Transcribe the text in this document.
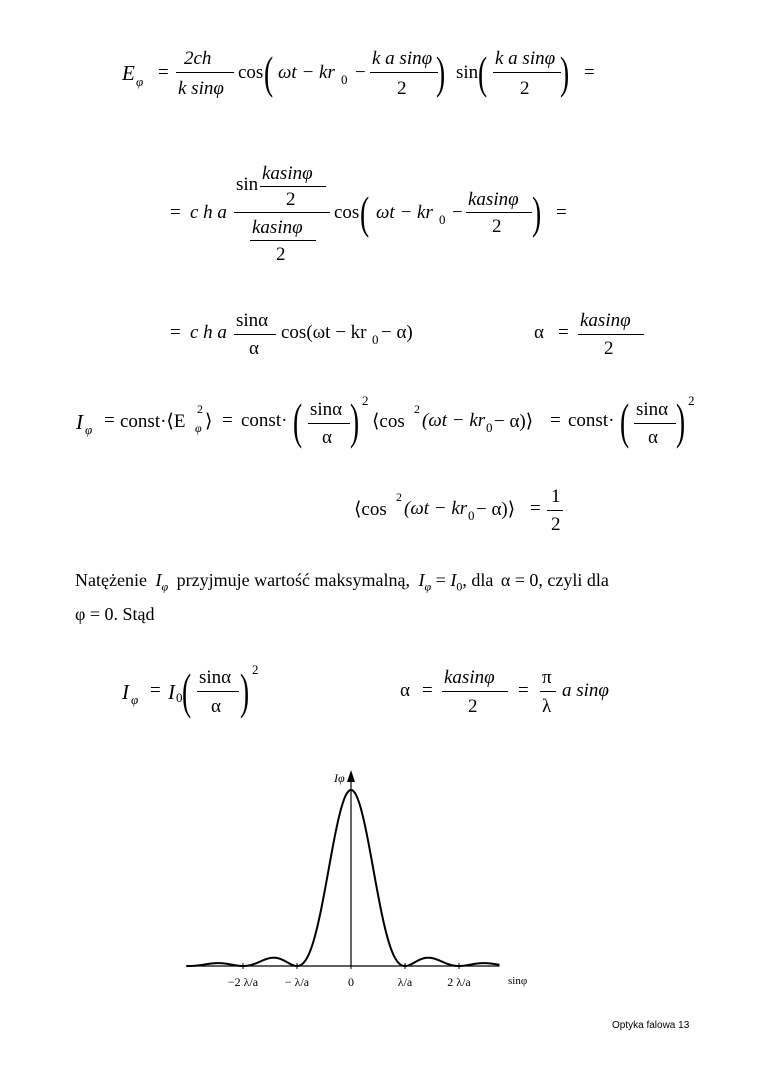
E φ =
2ch
k sinφ
cos ( ωt − kr 0 −
k a sinφ
2 ) sin ( k a sinφ
2 ) =
= c h a
sin
kasinφ
2
kasinφ
2
cos ( ωt − kr 0 −
kasinφ
2 ) =
= c h a
sinα
α
cos(ωt − kr 0 − α)	α =
kasinφ
2
I φ = const·⟨E
2
φ ⟩ = const· ( sinα
α ) 2
⟨cos
2
(ωt − kr 0 − α)⟩ = const· ( sinα
α ) 2
⟨cos
2
(ωt − kr 0 − α)⟩ =
1
2
Natężenie $I_\varphi$ przyjmuje wartość maksymalną, $I_\varphi = I_0$, dla α = 0, czyli dla
φ = 0. Stąd
I φ = I 0 ( sinα
α ) 2
α =
kasinφ
2
=
π
λ
a sinφ
−2 λ/a − λ/a	0	λ/a	2 λ/a
Iφ
sinφ
Optyka falowa 13
